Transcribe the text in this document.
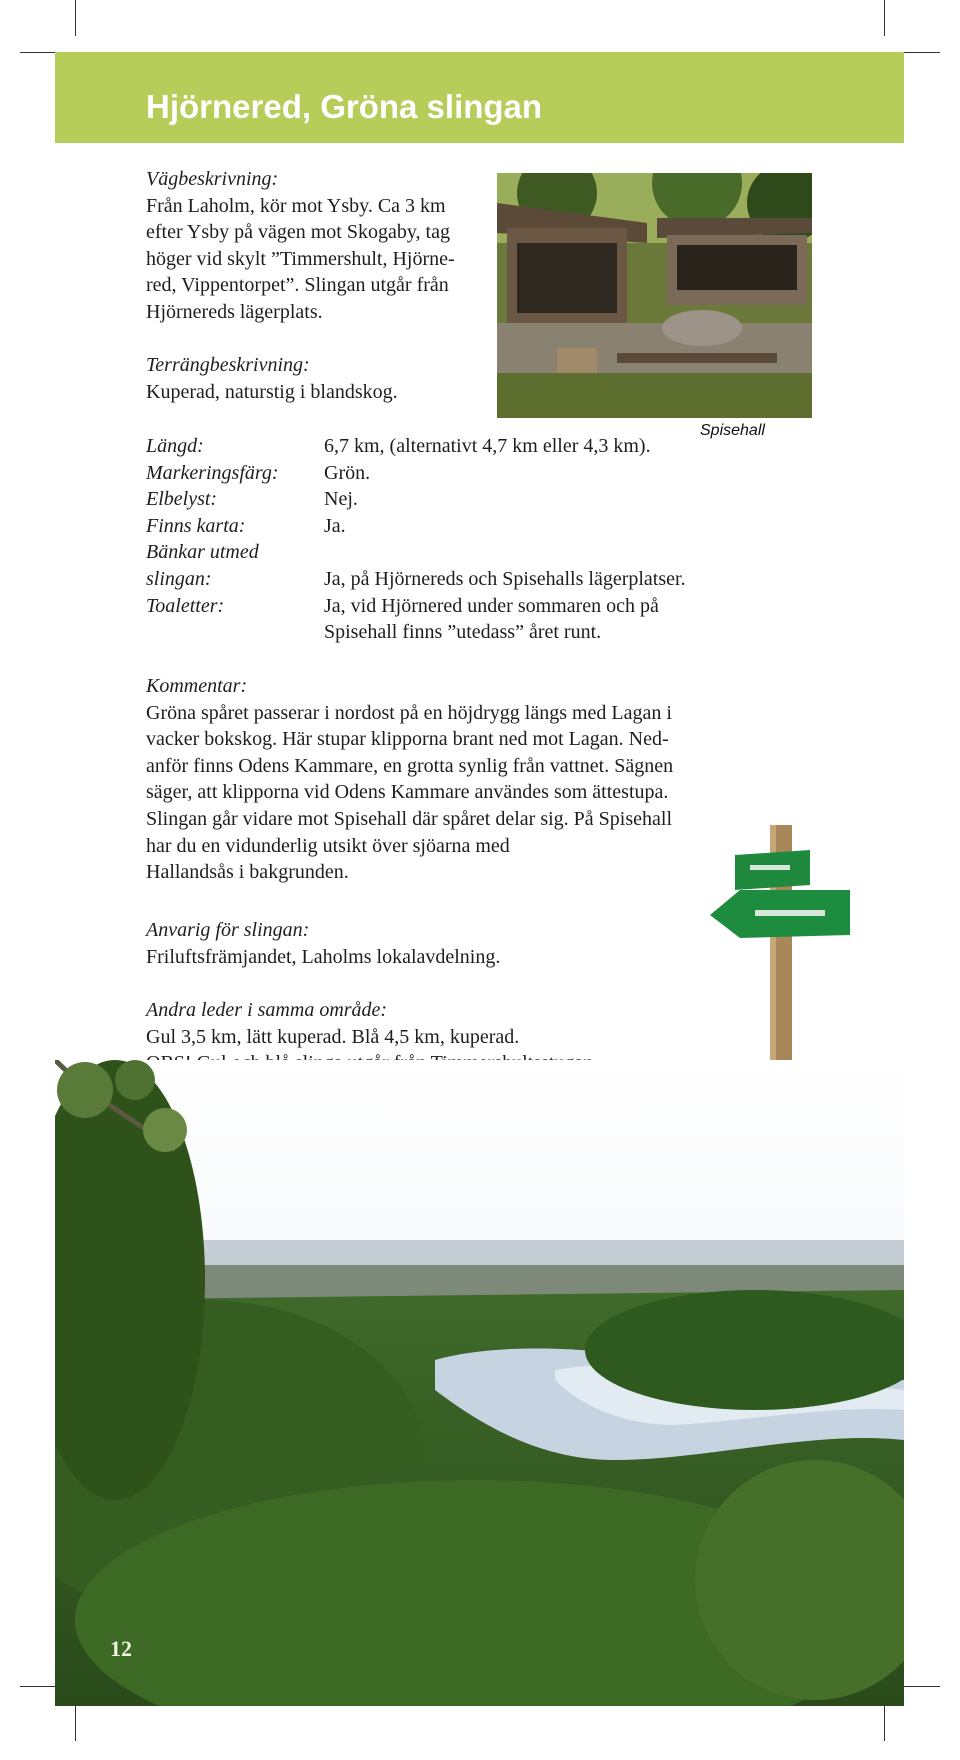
Hjörnered, Gröna slingan

Vägbeskrivning:

Från Laholm, kör mot Ysby. Ca 3 km

efter Ysby på vägen mot Skogaby, tag

höger vid skylt ”Timmershult, Hjörne-

red, Vippentorpet”. Slingan utgår från

Hjörnereds lägerplats.

Terrängbeskrivning:

Kuperad, naturstig i blandskog.

Spisehall
Längd:	6,7 km, (alternativt 4,7 km eller 4,3 km).
Markeringsfärg:	Grön.
Elbelyst:	Nej.
Finns karta:	Ja.
Bänkar utmed
slingan:	Ja, på Hjörnereds och Spisehalls lägerplatser.
Toaletter:	Ja, vid Hjörnered under sommaren och på
Spisehall finns ”utedass” året runt.

Kommentar:

Gröna spåret passerar i nordost på en höjdrygg längs med Lagan i

vacker bokskog. Här stupar klipporna brant ned mot Lagan. Ned-

anför finns Odens Kammare, en grotta synlig från vattnet. Sägnen

säger, att klipporna vid Odens Kammare användes som ättestupa.

Slingan går vidare mot Spisehall där spåret delar sig. På Spisehall

har du en vidunderlig utsikt över sjöarna med

Hallandsås i bakgrunden.

Anvarig för slingan:

Friluftsfrämjandet, Laholms lokalavdelning.

Andra leder i samma område:

Gul 3,5 km, lätt kuperad. Blå 4,5 km, kuperad.

12
